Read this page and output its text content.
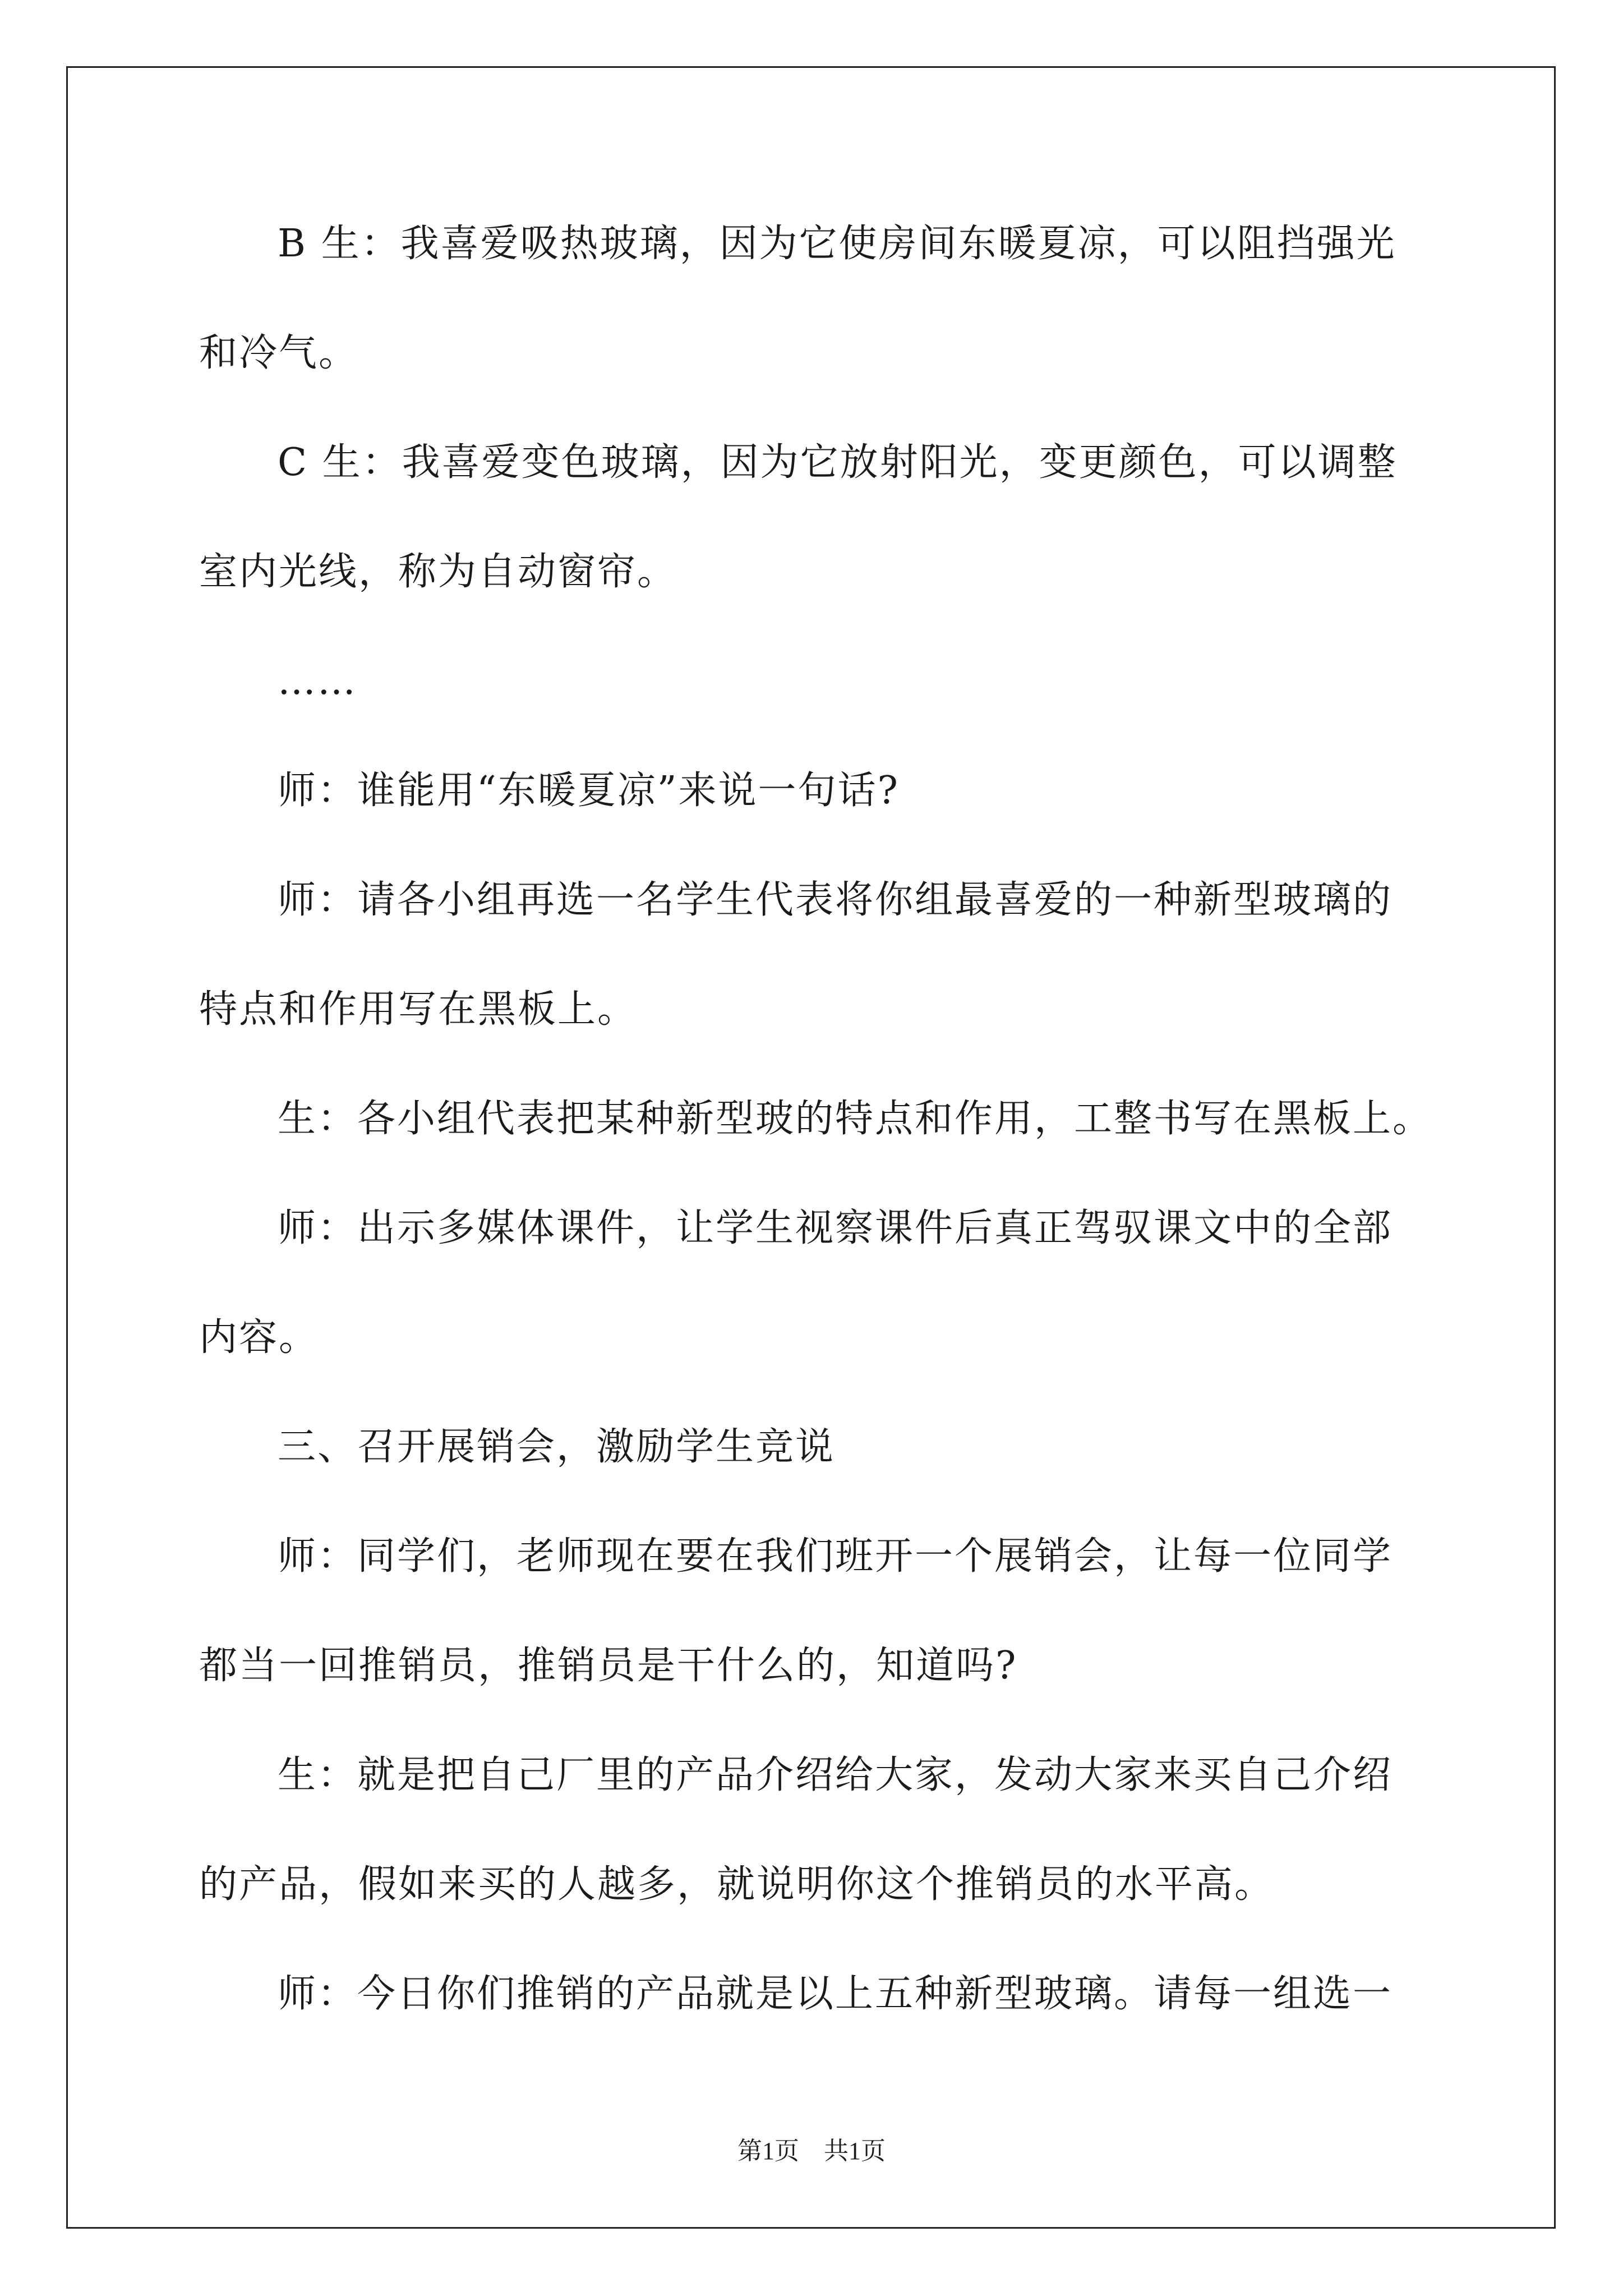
B 生：我喜爱吸热玻璃，因为它使房间东暖夏凉，可以阻挡强光
和冷气。
C 生：我喜爱变色玻璃，因为它放射阳光，变更颜色，可以调整
室内光线，称为自动窗帘。
……
师：谁能用“东暖夏凉”来说一句话?
师：请各小组再选一名学生代表将你组最喜爱的一种新型玻璃的
特点和作用写在黑板上。
生：各小组代表把某种新型玻的特点和作用，工整书写在黑板上。
师：出示多媒体课件，让学生视察课件后真正驾驭课文中的全部
内容。
三、召开展销会，激励学生竞说
师：同学们，老师现在要在我们班开一个展销会，让每一位同学
都当一回推销员，推销员是干什么的，知道吗?
生：就是把自己厂里的产品介绍给大家，发动大家来买自己介绍
的产品，假如来买的人越多，就说明你这个推销员的水平高。
师：今日你们推销的产品就是以上五种新型玻璃。请每一组选一
第1页 共1页
